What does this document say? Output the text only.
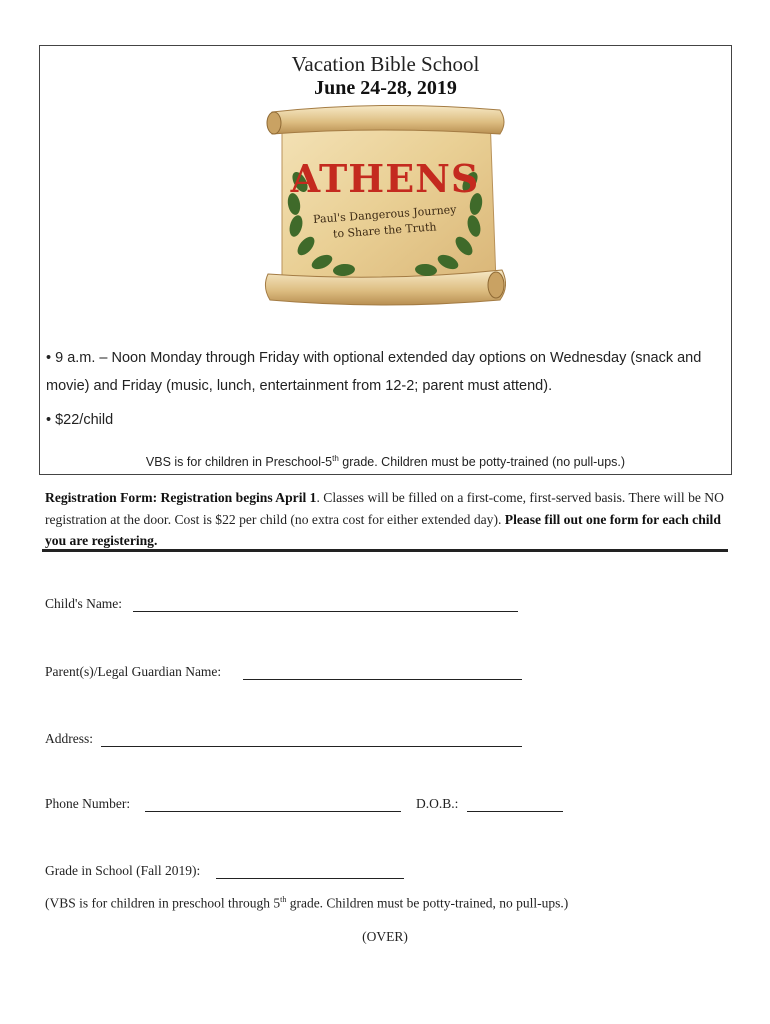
Vacation Bible School
June 24-28, 2019
ATHENS
Paul's Dangerous Journey
to Share the Truth
• 9 a.m. – Noon Monday through Friday with optional extended day options on Wednesday (snack and movie) and Friday (music, lunch, entertainment from 12-2; parent must attend).
• $22/child
VBS is for children in Preschool-5th grade. Children must be potty-trained (no pull-ups.)
Registration Form: Registration begins April 1. Classes will be filled on a first-come, first-served basis. There will be NO registration at the door. Cost is $22 per child (no extra cost for either extended day). Please fill out one form for each child you are registering.
Child's Name:
Parent(s)/Legal Guardian Name:
Address:
Phone Number:	D.O.B.:
Grade in School (Fall 2019):
(VBS is for children in preschool through 5th grade. Children must be potty-trained, no pull-ups.)
(OVER)
